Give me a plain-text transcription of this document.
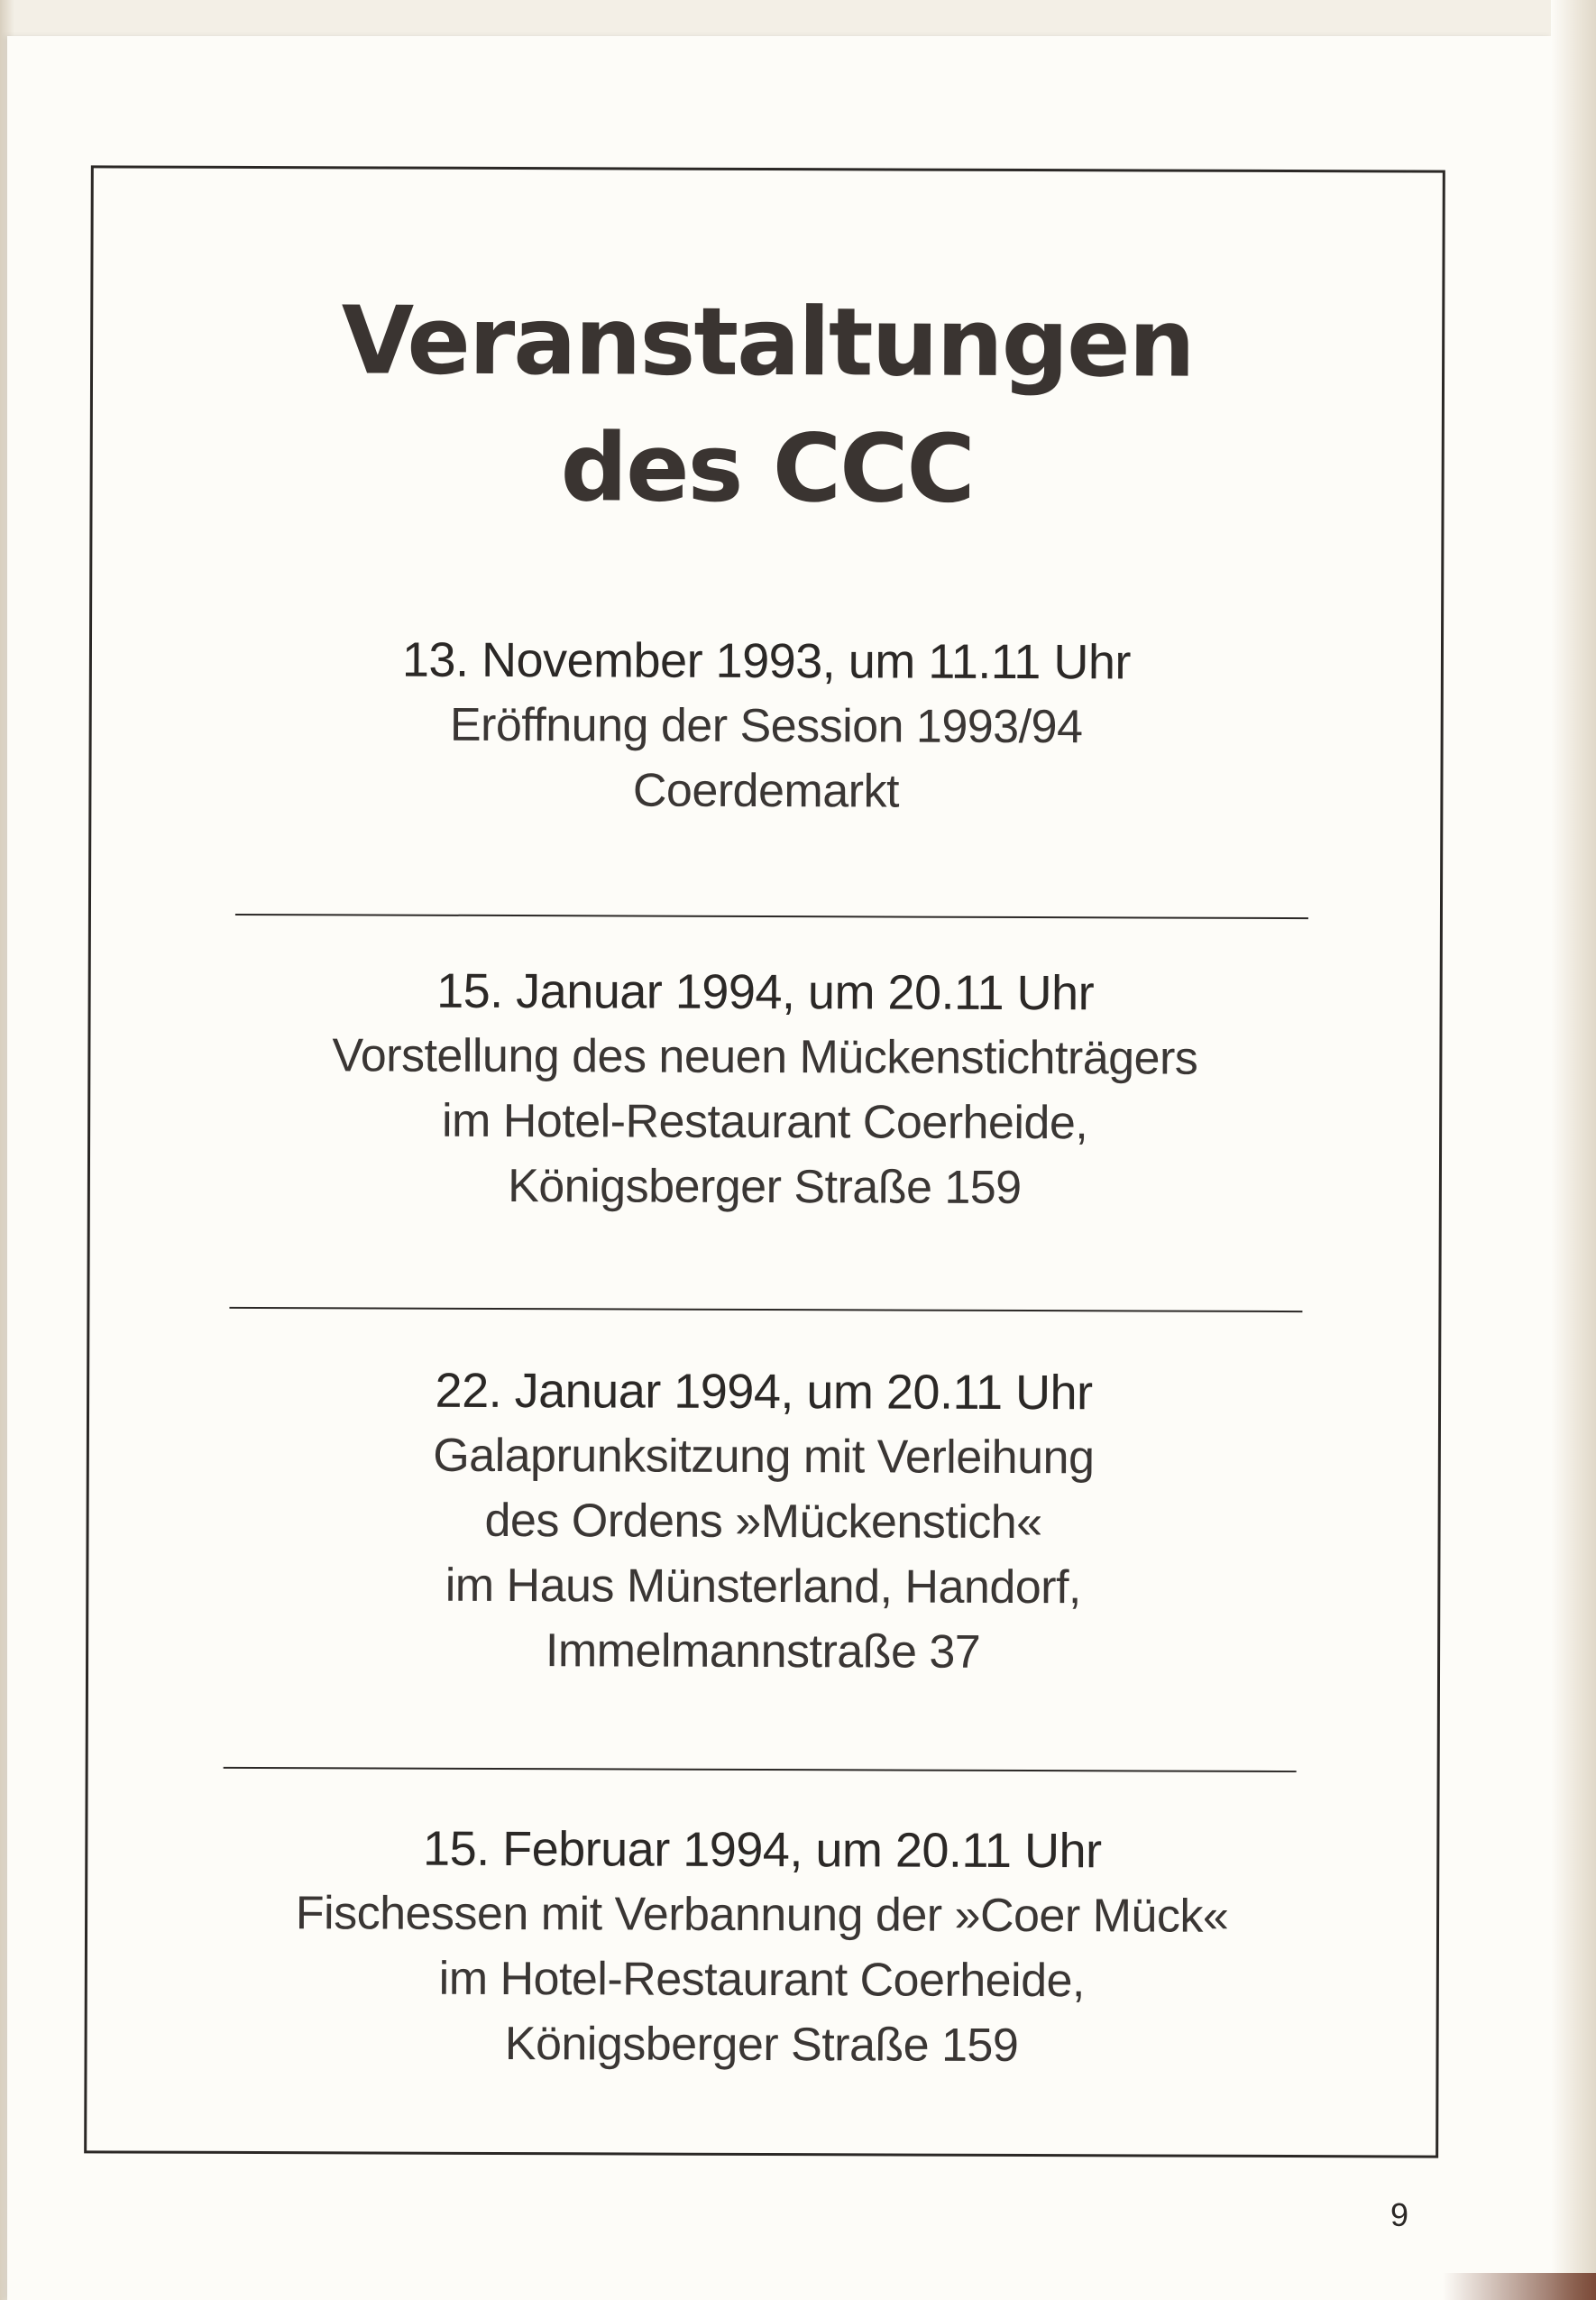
Veranstaltungen
des CCC
13. November 1993, um 11.11 Uhr
Eröffnung der Session 1993/94
Coerdemarkt
15. Januar 1994, um 20.11 Uhr
Vorstellung des neuen Mückenstichträgers
im Hotel-Restaurant Coerheide,
Königsberger Straße 159
22. Januar 1994, um 20.11 Uhr
Galaprunksitzung mit Verleihung
des Ordens »Mückenstich«
im Haus Münsterland, Handorf,
Immelmannstraße 37
15. Februar 1994, um 20.11 Uhr
Fischessen mit Verbannung der »Coer Mück«
im Hotel-Restaurant Coerheide,
Königsberger Straße 159
9
